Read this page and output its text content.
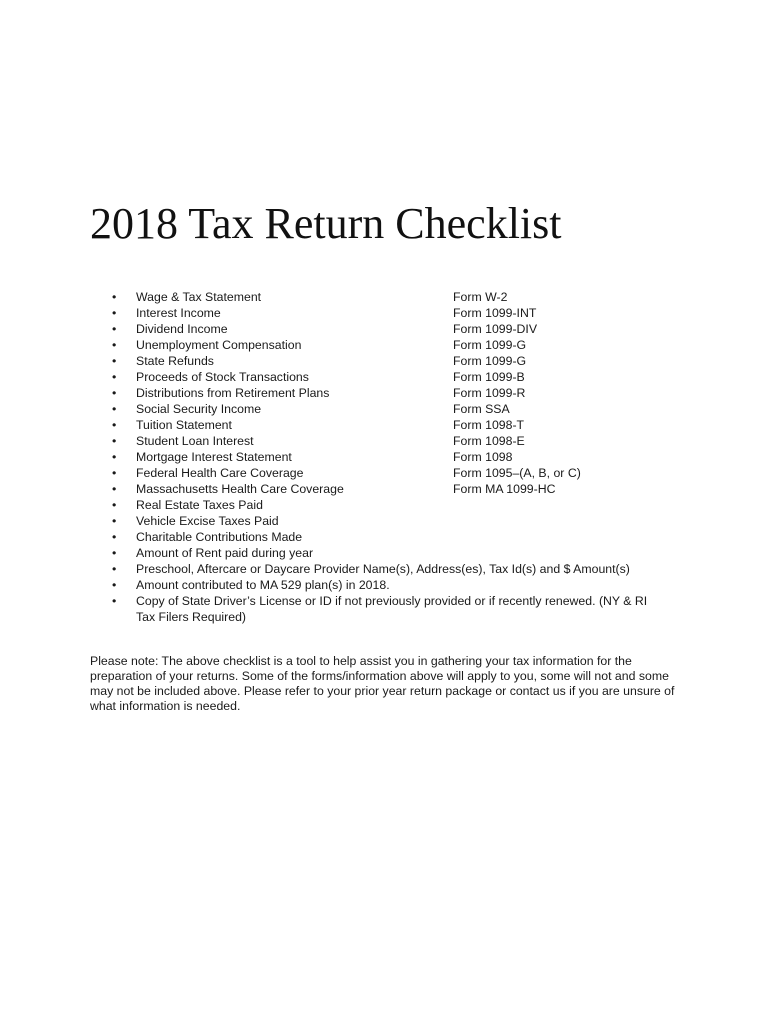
2018 Tax Return Checklist
• Wage & Tax Statement	Form W-2
• Interest Income	Form 1099-INT
• Dividend Income	Form 1099-DIV
• Unemployment Compensation	Form 1099-G
• State Refunds	Form 1099-G
• Proceeds of Stock Transactions	Form 1099-B
• Distributions from Retirement Plans	Form 1099-R
• Social Security Income	Form SSA
• Tuition Statement	Form 1098-T
• Student Loan Interest	Form 1098-E
• Mortgage Interest Statement	Form 1098
• Federal Health Care Coverage	Form 1095–(A, B, or C)
• Massachusetts Health Care Coverage	Form MA 1099-HC
• Real Estate Taxes Paid
• Vehicle Excise Taxes Paid
• Charitable Contributions Made
• Amount of Rent paid during year
• Preschool, Aftercare or Daycare Provider Name(s), Address(es), Tax Id(s) and $ Amount(s)
• Amount contributed to MA 529 plan(s) in 2018.
• Copy of State Driver’s License or ID if not previously provided or if recently renewed. (NY & RI Tax Filers Required)

Please note: The above checklist is a tool to help assist you in gathering your tax information for the preparation of your returns. Some of the forms/information above will apply to you, some will not and some may not be included above. Please refer to your prior year return package or contact us if you are unsure of what information is needed.
